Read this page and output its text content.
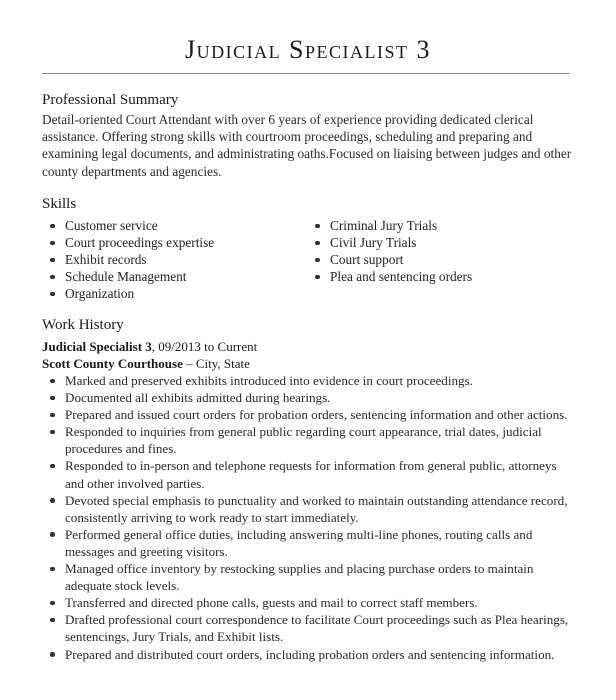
Judicial Specialist 3
Professional Summary
Detail-oriented Court Attendant with over 6 years of experience providing dedicated clerical assistance. Offering strong skills with courtroom proceedings, scheduling and preparing and examining legal documents, and administrating oaths.Focused on liaising between judges and other county departments and agencies.
Skills
Customer service
Court proceedings expertise
Exhibit records
Schedule Management
Organization
Criminal Jury Trials
Civil Jury Trials
Court support
Plea and sentencing orders
Work History
Judicial Specialist 3, 09/2013 to Current
Scott County Courthouse – City, State
Marked and preserved exhibits introduced into evidence in court proceedings.
Documented all exhibits admitted during hearings.
Prepared and issued court orders for probation orders, sentencing information and other actions.
Responded to inquiries from general public regarding court appearance, trial dates, judicial procedures and fines.
Responded to in-person and telephone requests for information from general public, attorneys and other involved parties.
Devoted special emphasis to punctuality and worked to maintain outstanding attendance record, consistently arriving to work ready to start immediately.
Performed general office duties, including answering multi-line phones, routing calls and messages and greeting visitors.
Managed office inventory by restocking supplies and placing purchase orders to maintain adequate stock levels.
Transferred and directed phone calls, guests and mail to correct staff members.
Drafted professional court correspondence to facilitate Court proceedings such as Plea hearings, sentencings, Jury Trials, and Exhibit lists.
Prepared and distributed court orders, including probation orders and sentencing information.
